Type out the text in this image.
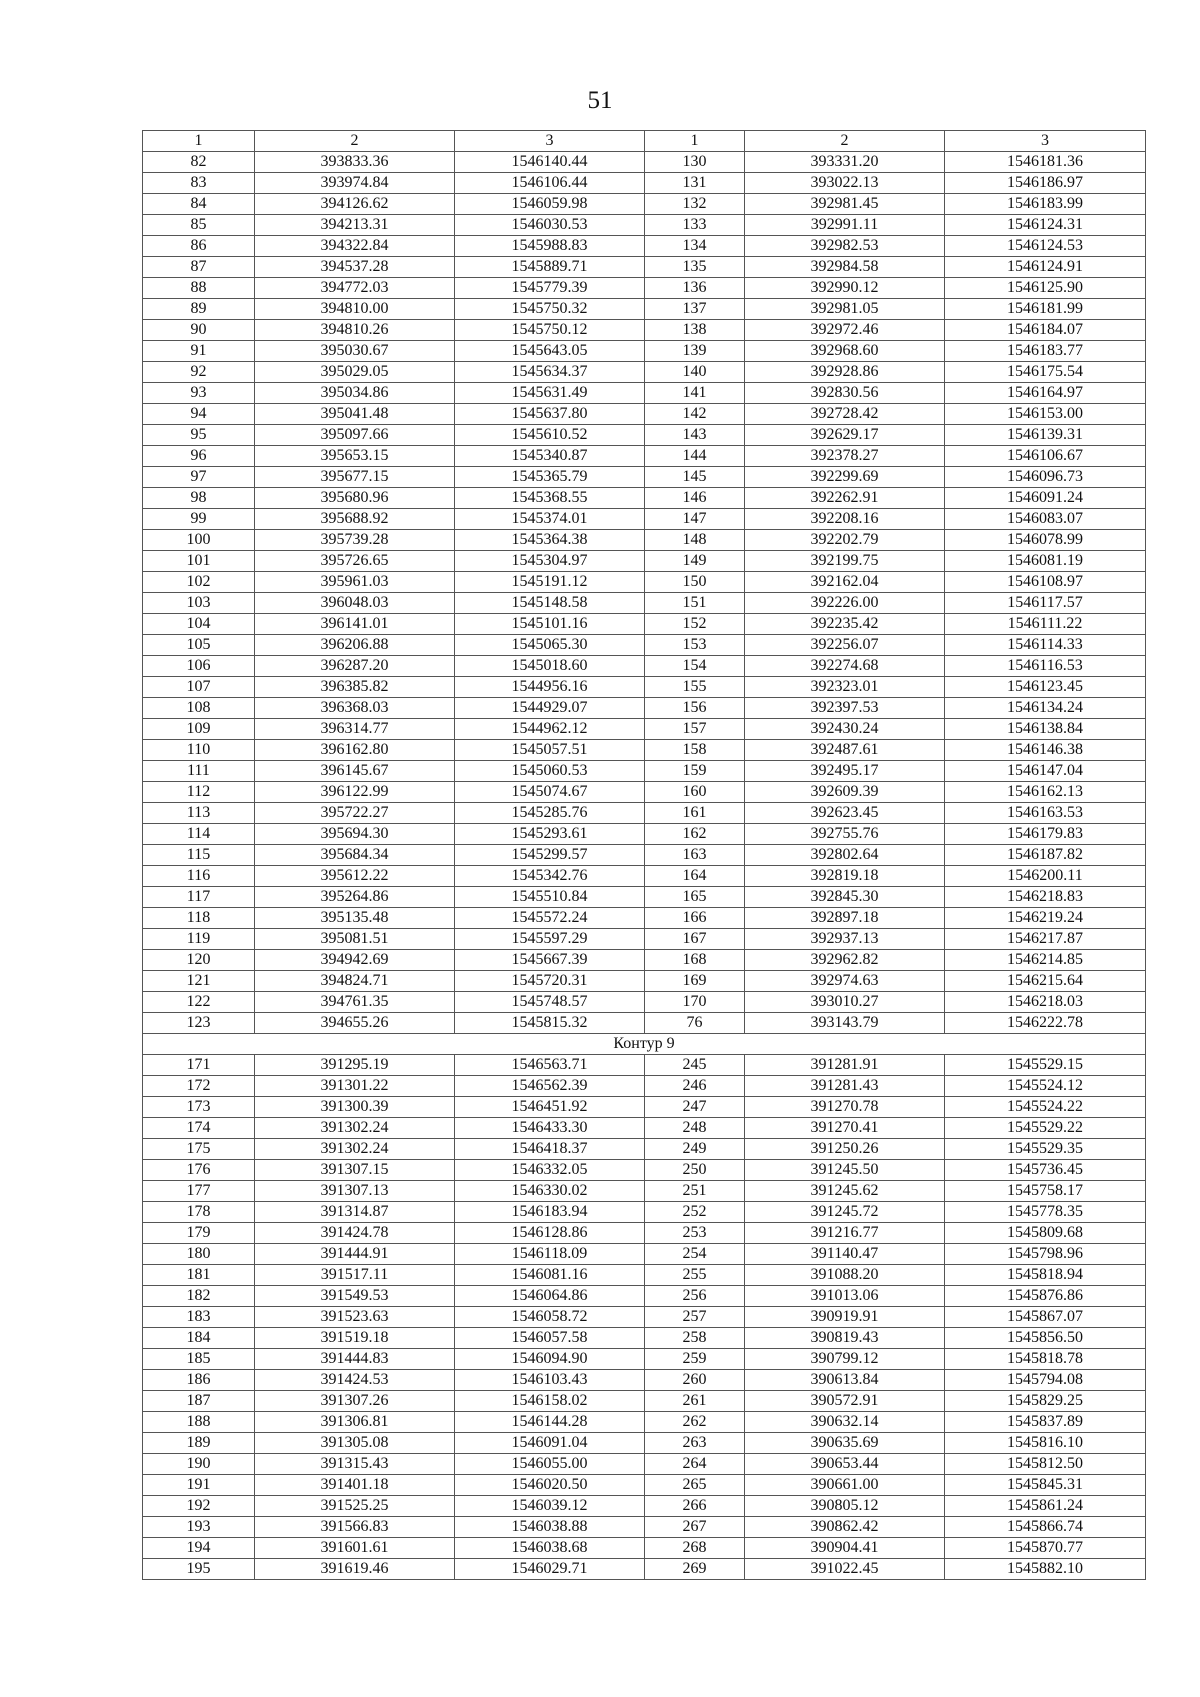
51
1	2	3	1	2	3
82	393833.36	1546140.44	130	393331.20	1546181.36
83	393974.84	1546106.44	131	393022.13	1546186.97
84	394126.62	1546059.98	132	392981.45	1546183.99
85	394213.31	1546030.53	133	392991.11	1546124.31
86	394322.84	1545988.83	134	392982.53	1546124.53
87	394537.28	1545889.71	135	392984.58	1546124.91
88	394772.03	1545779.39	136	392990.12	1546125.90
89	394810.00	1545750.32	137	392981.05	1546181.99
90	394810.26	1545750.12	138	392972.46	1546184.07
91	395030.67	1545643.05	139	392968.60	1546183.77
92	395029.05	1545634.37	140	392928.86	1546175.54
93	395034.86	1545631.49	141	392830.56	1546164.97
94	395041.48	1545637.80	142	392728.42	1546153.00
95	395097.66	1545610.52	143	392629.17	1546139.31
96	395653.15	1545340.87	144	392378.27	1546106.67
97	395677.15	1545365.79	145	392299.69	1546096.73
98	395680.96	1545368.55	146	392262.91	1546091.24
99	395688.92	1545374.01	147	392208.16	1546083.07
100	395739.28	1545364.38	148	392202.79	1546078.99
101	395726.65	1545304.97	149	392199.75	1546081.19
102	395961.03	1545191.12	150	392162.04	1546108.97
103	396048.03	1545148.58	151	392226.00	1546117.57
104	396141.01	1545101.16	152	392235.42	1546111.22
105	396206.88	1545065.30	153	392256.07	1546114.33
106	396287.20	1545018.60	154	392274.68	1546116.53
107	396385.82	1544956.16	155	392323.01	1546123.45
108	396368.03	1544929.07	156	392397.53	1546134.24
109	396314.77	1544962.12	157	392430.24	1546138.84
110	396162.80	1545057.51	158	392487.61	1546146.38
111	396145.67	1545060.53	159	392495.17	1546147.04
112	396122.99	1545074.67	160	392609.39	1546162.13
113	395722.27	1545285.76	161	392623.45	1546163.53
114	395694.30	1545293.61	162	392755.76	1546179.83
115	395684.34	1545299.57	163	392802.64	1546187.82
116	395612.22	1545342.76	164	392819.18	1546200.11
117	395264.86	1545510.84	165	392845.30	1546218.83
118	395135.48	1545572.24	166	392897.18	1546219.24
119	395081.51	1545597.29	167	392937.13	1546217.87
120	394942.69	1545667.39	168	392962.82	1546214.85
121	394824.71	1545720.31	169	392974.63	1546215.64
122	394761.35	1545748.57	170	393010.27	1546218.03
123	394655.26	1545815.32	76	393143.79	1546222.78
Контур 9					
171	391295.19	1546563.71	245	391281.91	1545529.15
172	391301.22	1546562.39	246	391281.43	1545524.12
173	391300.39	1546451.92	247	391270.78	1545524.22
174	391302.24	1546433.30	248	391270.41	1545529.22
175	391302.24	1546418.37	249	391250.26	1545529.35
176	391307.15	1546332.05	250	391245.50	1545736.45
177	391307.13	1546330.02	251	391245.62	1545758.17
178	391314.87	1546183.94	252	391245.72	1545778.35
179	391424.78	1546128.86	253	391216.77	1545809.68
180	391444.91	1546118.09	254	391140.47	1545798.96
181	391517.11	1546081.16	255	391088.20	1545818.94
182	391549.53	1546064.86	256	391013.06	1545876.86
183	391523.63	1546058.72	257	390919.91	1545867.07
184	391519.18	1546057.58	258	390819.43	1545856.50
185	391444.83	1546094.90	259	390799.12	1545818.78
186	391424.53	1546103.43	260	390613.84	1545794.08
187	391307.26	1546158.02	261	390572.91	1545829.25
188	391306.81	1546144.28	262	390632.14	1545837.89
189	391305.08	1546091.04	263	390635.69	1545816.10
190	391315.43	1546055.00	264	390653.44	1545812.50
191	391401.18	1546020.50	265	390661.00	1545845.31
192	391525.25	1546039.12	266	390805.12	1545861.24
193	391566.83	1546038.88	267	390862.42	1545866.74
194	391601.61	1546038.68	268	390904.41	1545870.77
195	391619.46	1546029.71	269	391022.45	1545882.10
